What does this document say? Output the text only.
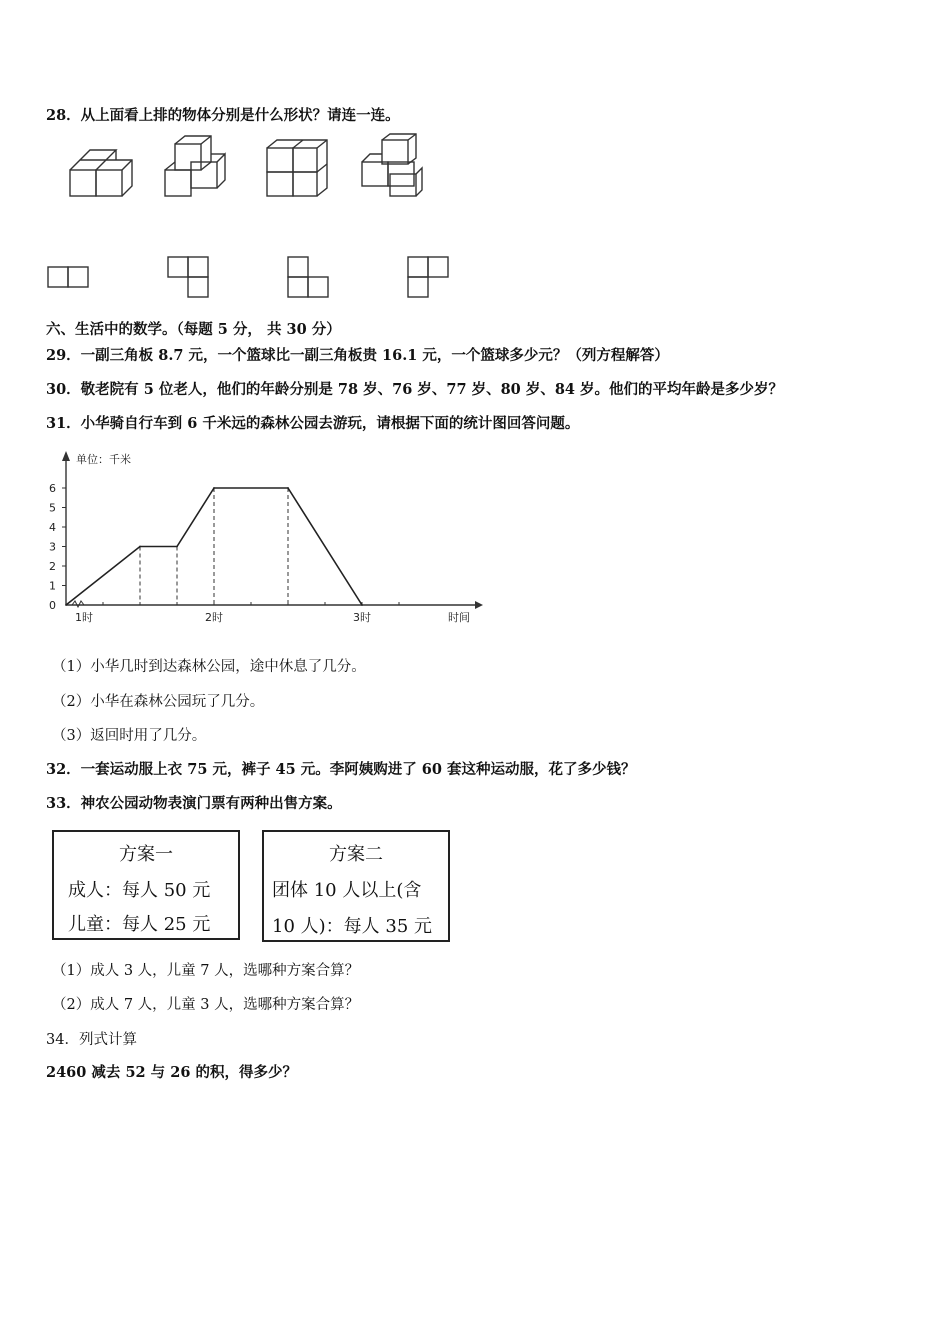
28．从上面看上排的物体分别是什么形状？请连一连。
六、生活中的数学。（每题 5 分， 共 30 分）
29．一副三角板 8.7 元，一个篮球比一副三角板贵 16.1 元，一个篮球多少元？（列方程解答）
30．敬老院有 5 位老人，他们的年龄分别是 78 岁、76 岁、77 岁、80 岁、84 岁。他们的平均年龄是多少岁？
31．小华骑自行车到 6 千米远的森林公园去游玩，请根据下面的统计图回答问题。
单位：千米
时间
0
1
2
3
4
5
6
1时	2时	3时
（1）小华几时到达森林公园，途中休息了几分。
（2）小华在森林公园玩了几分。
（3）返回时用了几分。
32．一套运动服上衣 75 元，裤子 45 元。李阿姨购进了 60 套这种运动服，花了多少钱？
33．神农公园动物表演门票有两种出售方案。
方案一
成人：每人 50 元
儿童：每人 25 元
方案二
团体 10 人以上(含
10 人)：每人 35 元
（1）成人 3 人，儿童 7 人，选哪种方案合算？
（2）成人 7 人，儿童 3 人，选哪种方案合算？
34．列式计算
2460 减去 52 与 26 的积，得多少？
